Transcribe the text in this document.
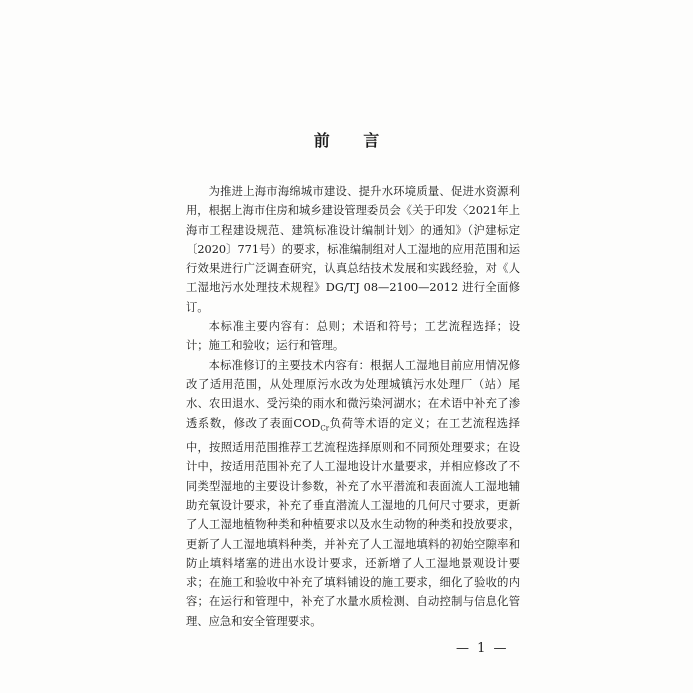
前 言

为推进上海市海绵城市建设、提升水环境质量、促进水资源利用，根据上海市住房和城乡建设管理委员会《关于印发〈2021年上海市工程建设规范、建筑标准设计编制计划〉的通知》（沪建标定〔2020〕771号）的要求，标准编制组对人工湿地的应用范围和运行效果进行广泛调查研究，认真总结技术发展和实践经验，对《人工湿地污水处理技术规程》DG/TJ 08—2100—2012 进行全面修订。

本标准主要内容有：总则；术语和符号；工艺流程选择；设计；施工和验收；运行和管理。

本标准修订的主要技术内容有：根据人工湿地目前应用情况修改了适用范围，从处理原污水改为处理城镇污水处理厂（站）尾水、农田退水、受污染的雨水和微污染河湖水；在术语中补充了渗透系数，修改了表面$COD_{Cr}$负荷等术语的定义；在工艺流程选择中，按照适用范围推荐工艺流程选择原则和不同预处理要求；在设计中，按适用范围补充了人工湿地设计水量要求，并相应修改了不同类型湿地的主要设计参数，补充了水平潜流和表面流人工湿地辅助充氧设计要求，补充了垂直潜流人工湿地的几何尺寸要求，更新了人工湿地植物种类和种植要求以及水生动物的种类和投放要求，更新了人工湿地填料种类，并补充了人工湿地填料的初始空隙率和防止填料堵塞的进出水设计要求，还新增了人工湿地景观设计要求；在施工和验收中补充了填料铺设的施工要求，细化了验收的内容；在运行和管理中，补充了水量水质检测、自动控制与信息化管理、应急和安全管理要求。

— 1 —
